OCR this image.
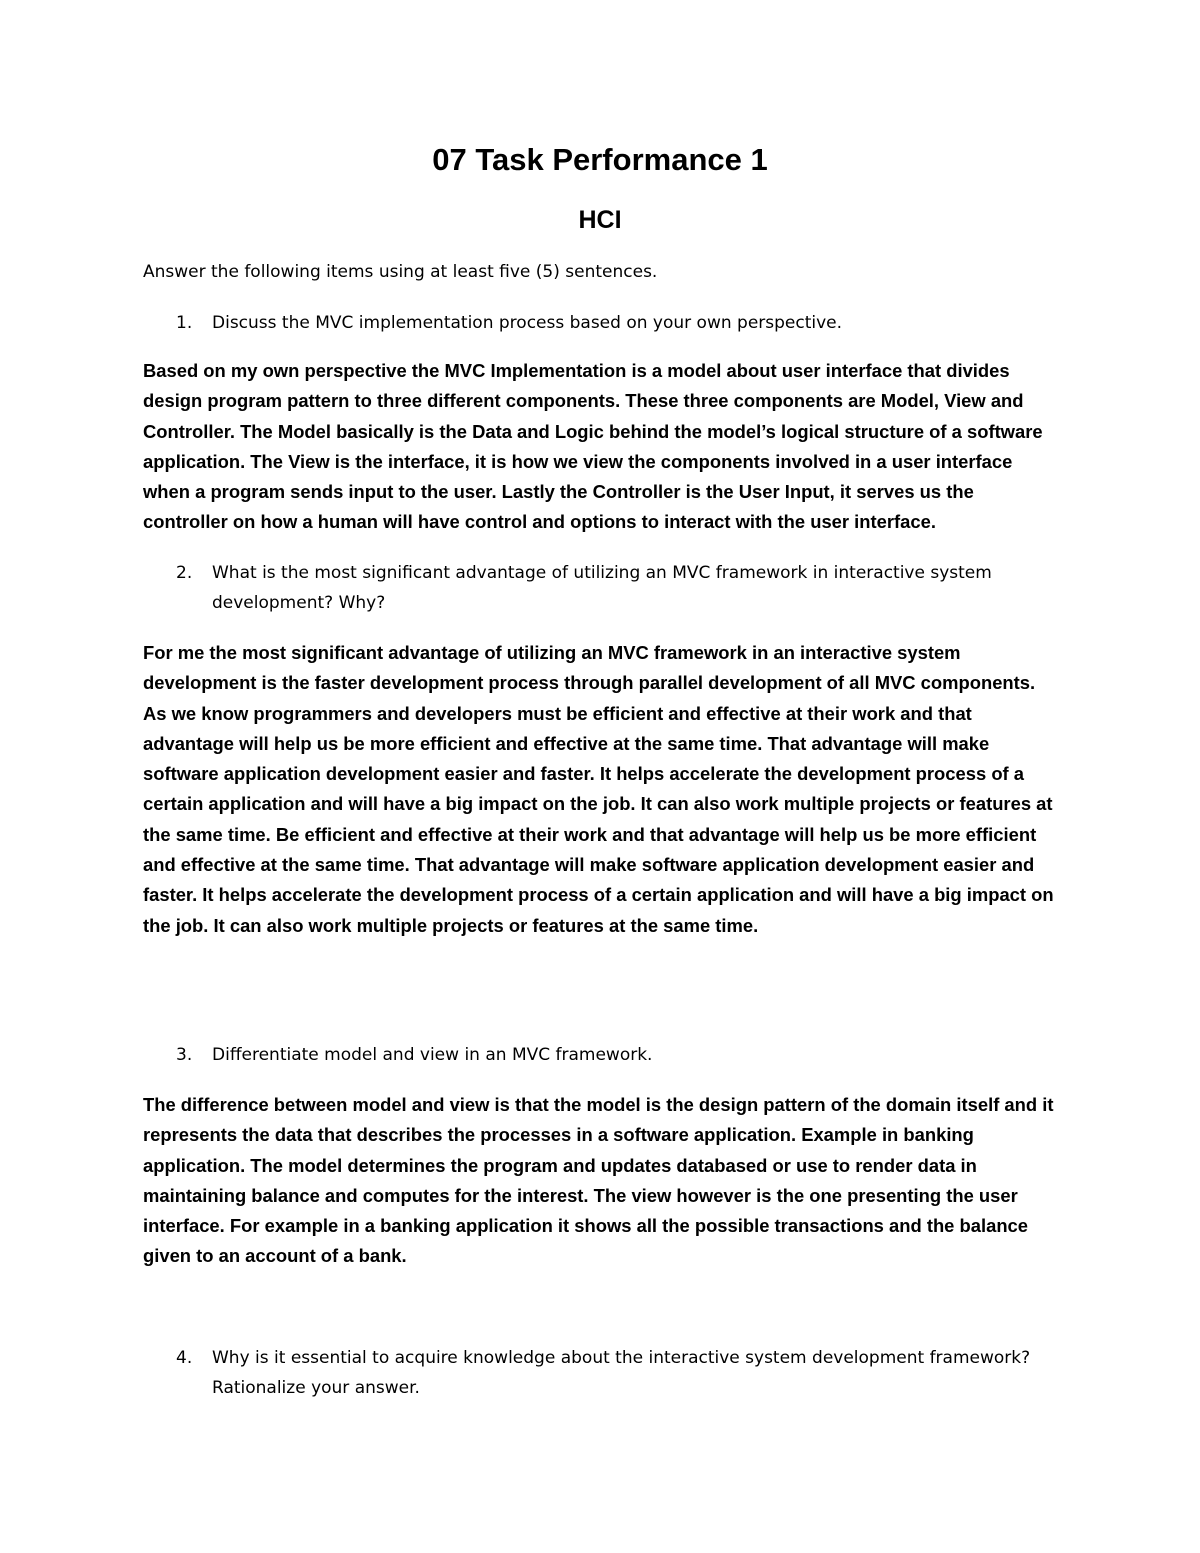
07 Task Performance 1
HCI

Answer the following items using at least five (5) sentences.

1.	Discuss the MVC implementation process based on your own perspective.

Based on my own perspective the MVC Implementation is a model about user interface that divides design program pattern to three different components. These three components are Model, View and Controller. The Model basically is the Data and Logic behind the model’s logical structure of a software application. The View is the interface, it is how we view the components involved in a user interface when a program sends input to the user. Lastly the Controller is the User Input, it serves us the controller on how a human will have control and options to interact with the user interface.

2.	What is the most significant advantage of utilizing an MVC framework in interactive system development? Why?

For me the most significant advantage of utilizing an MVC framework in an interactive system development is the faster development process through parallel development of all MVC components. As we know programmers and developers must be efficient and effective at their work and that advantage will help us be more efficient and effective at the same time. That advantage will make software application development easier and faster. It helps accelerate the development process of a certain application and will have a big impact on the job. It can also work multiple projects or features at the same time. Be efficient and effective at their work and that advantage will help us be more efficient and effective at the same time. That advantage will make software application development easier and faster. It helps accelerate the development process of a certain application and will have a big impact on the job. It can also work multiple projects or features at the same time.

3.	Differentiate model and view in an MVC framework.

The difference between model and view is that the model is the design pattern of the domain itself and it represents the data that describes the processes in a software application. Example in banking application. The model determines the program and updates databased or use to render data in maintaining balance and computes for the interest. The view however is the one presenting the user interface. For example in a banking application it shows all the possible transactions and the balance given to an account of a bank.

4.	Why is it essential to acquire knowledge about the interactive system development framework? Rationalize your answer.
